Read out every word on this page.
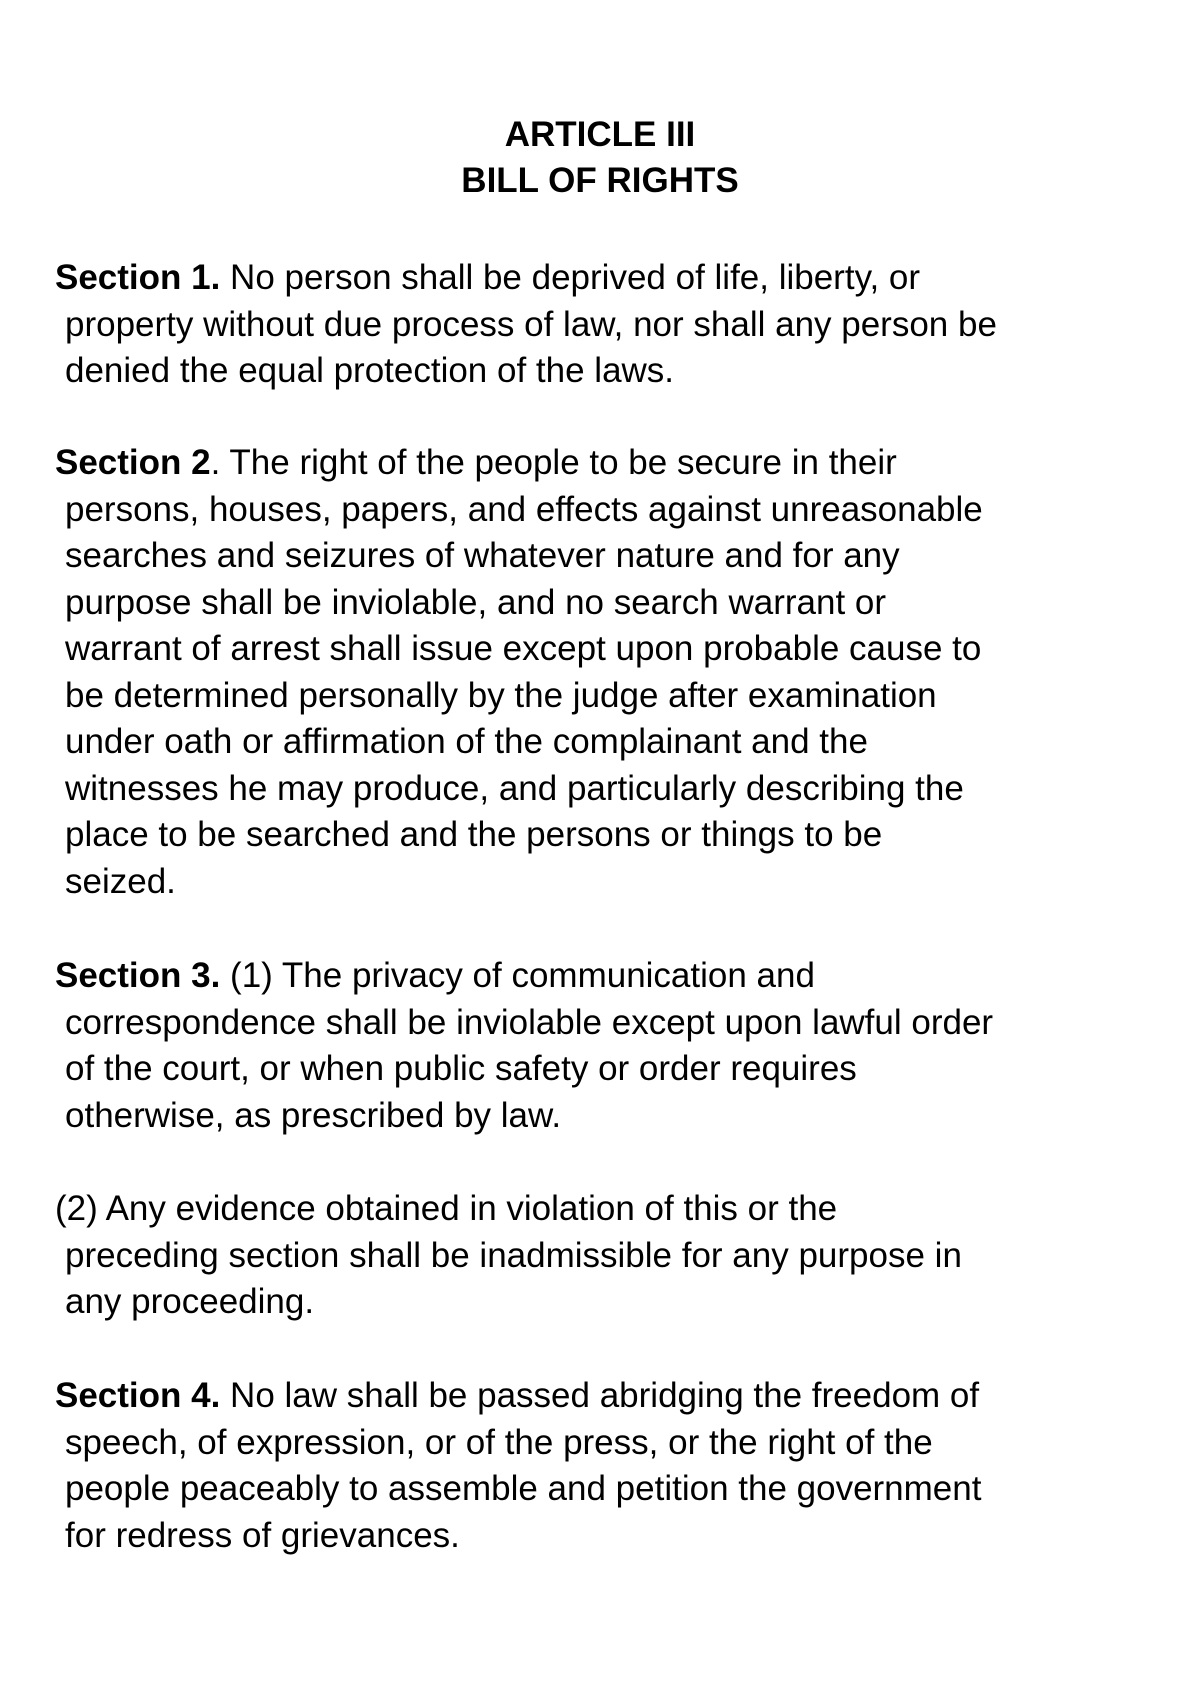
ARTICLE III
BILL OF RIGHTS
Section 1. No person shall be deprived of life, liberty, or
property without due process of law, nor shall any person be
denied the equal protection of the laws.
Section 2. The right of the people to be secure in their
persons, houses, papers, and effects against unreasonable
searches and seizures of whatever nature and for any
purpose shall be inviolable, and no search warrant or
warrant of arrest shall issue except upon probable cause to
be determined personally by the judge after examination
under oath or affirmation of the complainant and the
witnesses he may produce, and particularly describing the
place to be searched and the persons or things to be
seized.
Section 3. (1) The privacy of communication and
correspondence shall be inviolable except upon lawful order
of the court, or when public safety or order requires
otherwise, as prescribed by law.
(2) Any evidence obtained in violation of this or the
preceding section shall be inadmissible for any purpose in
any proceeding.
Section 4. No law shall be passed abridging the freedom of
speech, of expression, or of the press, or the right of the
people peaceably to assemble and petition the government
for redress of grievances.
